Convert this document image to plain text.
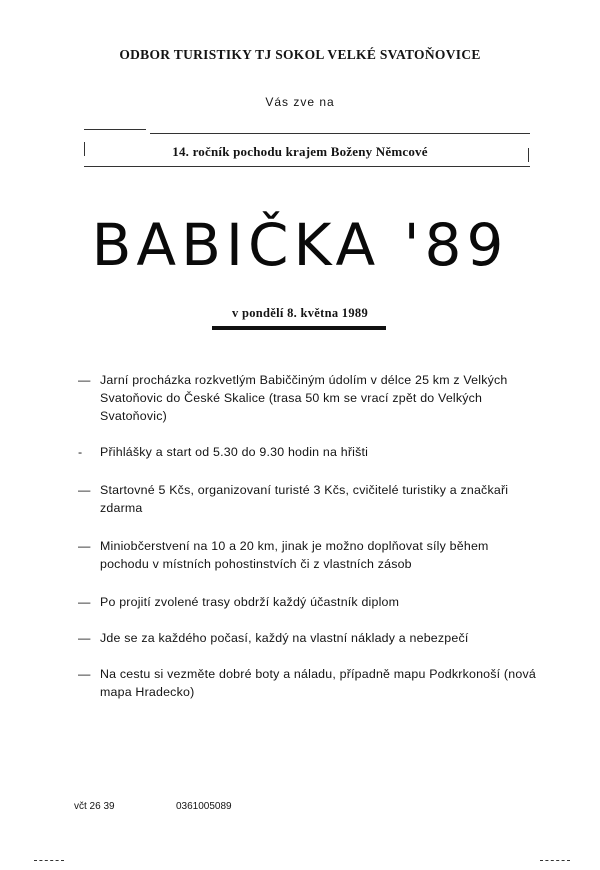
ODBOR TURISTIKY TJ SOKOL VELKÉ SVATOŇOVICE
Vás zve na
14. ročník pochodu krajem Boženy Němcové
BABIČKA '89
v pondělí 8. května 1989
— Jarní procházka rozkvetlým Babiččiným údolím v délce 25 km z Velkých Svatoňovic do České Skalice (trasa 50 km se vrací zpět do Velkých Svatoňovic)
- Přihlášky a start od 5.30 do 9.30 hodin na hřišti
— Startovné 5 Kčs, organizovaní turisté 3 Kčs, cvičitelé turistiky a značkaři zdarma
— Miniobčerstvení na 10 a 20 km, jinak je možno doplňovat síly během pochodu v místních pohostinstvích či z vlastních zásob
— Po projití zvolené trasy obdrží každý účastník diplom
— Jde se za každého počasí, každý na vlastní náklady a nebezpečí
— Na cestu si vezměte dobré boty a náladu, případně mapu Podkrkonoší (nová mapa Hradecko)
včt 26 39	0361005089
